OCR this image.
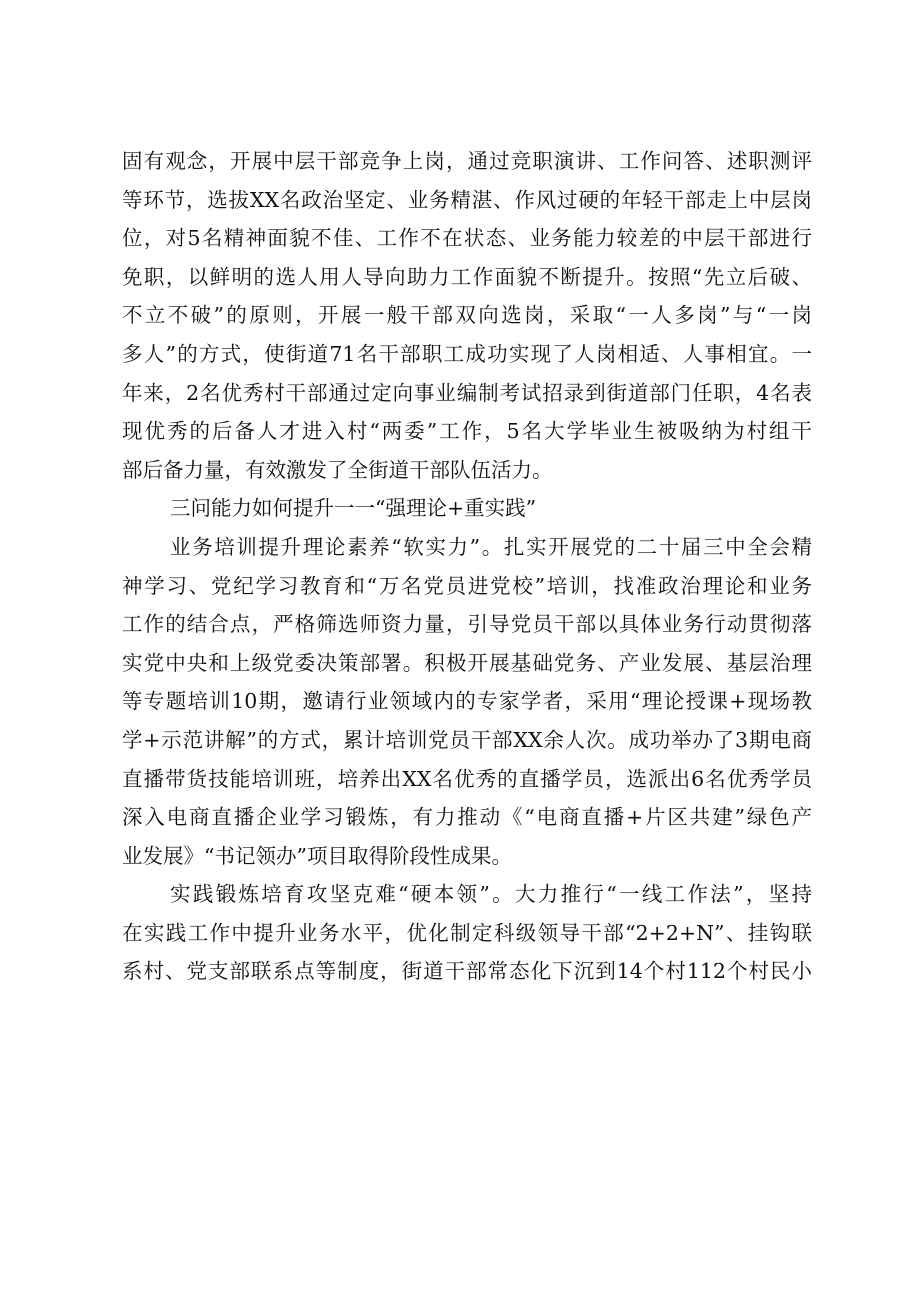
固有观念，开展中层干部竞争上岗，通过竞职演讲、工作问答、述职测评
等环节，选拔XX名政治坚定、业务精湛、作风过硬的年轻干部走上中层岗
位，对5名精神面貌不佳、工作不在状态、业务能力较差的中层干部进行
免职，以鲜明的选人用人导向助力工作面貌不断提升。按照“先立后破、
不立不破”的原则，开展一般干部双向选岗，采取“一人多岗”与“一岗
多人”的方式，使街道71名干部职工成功实现了人岗相适、人事相宜。一
年来，2名优秀村干部通过定向事业编制考试招录到街道部门任职，4名表
现优秀的后备人才进入村“两委”工作，5名大学毕业生被吸纳为村组干
部后备力量，有效激发了全街道干部队伍活力。
三问能力如何提升一一“强理论+重实践”
业务培训提升理论素养“软实力”。扎实开展党的二十届三中全会精
神学习、党纪学习教育和“万名党员进党校”培训，找准政治理论和业务
工作的结合点，严格筛选师资力量，引导党员干部以具体业务行动贯彻落
实党中央和上级党委决策部署。积极开展基础党务、产业发展、基层治理
等专题培训10期，邀请行业领域内的专家学者，采用“理论授课+现场教
学+示范讲解”的方式，累计培训党员干部XX余人次。成功举办了3期电商
直播带货技能培训班，培养出XX名优秀的直播学员，选派出6名优秀学员
深入电商直播企业学习锻炼，有力推动《“电商直播+片区共建”绿色产
业发展》“书记领办”项目取得阶段性成果。
实践锻炼培育攻坚克难“硬本领”。大力推行“一线工作法”，坚持
在实践工作中提升业务水平，优化制定科级领导干部“2+2+N”、挂钩联
系村、党支部联系点等制度，街道干部常态化下沉到14个村112个村民小
